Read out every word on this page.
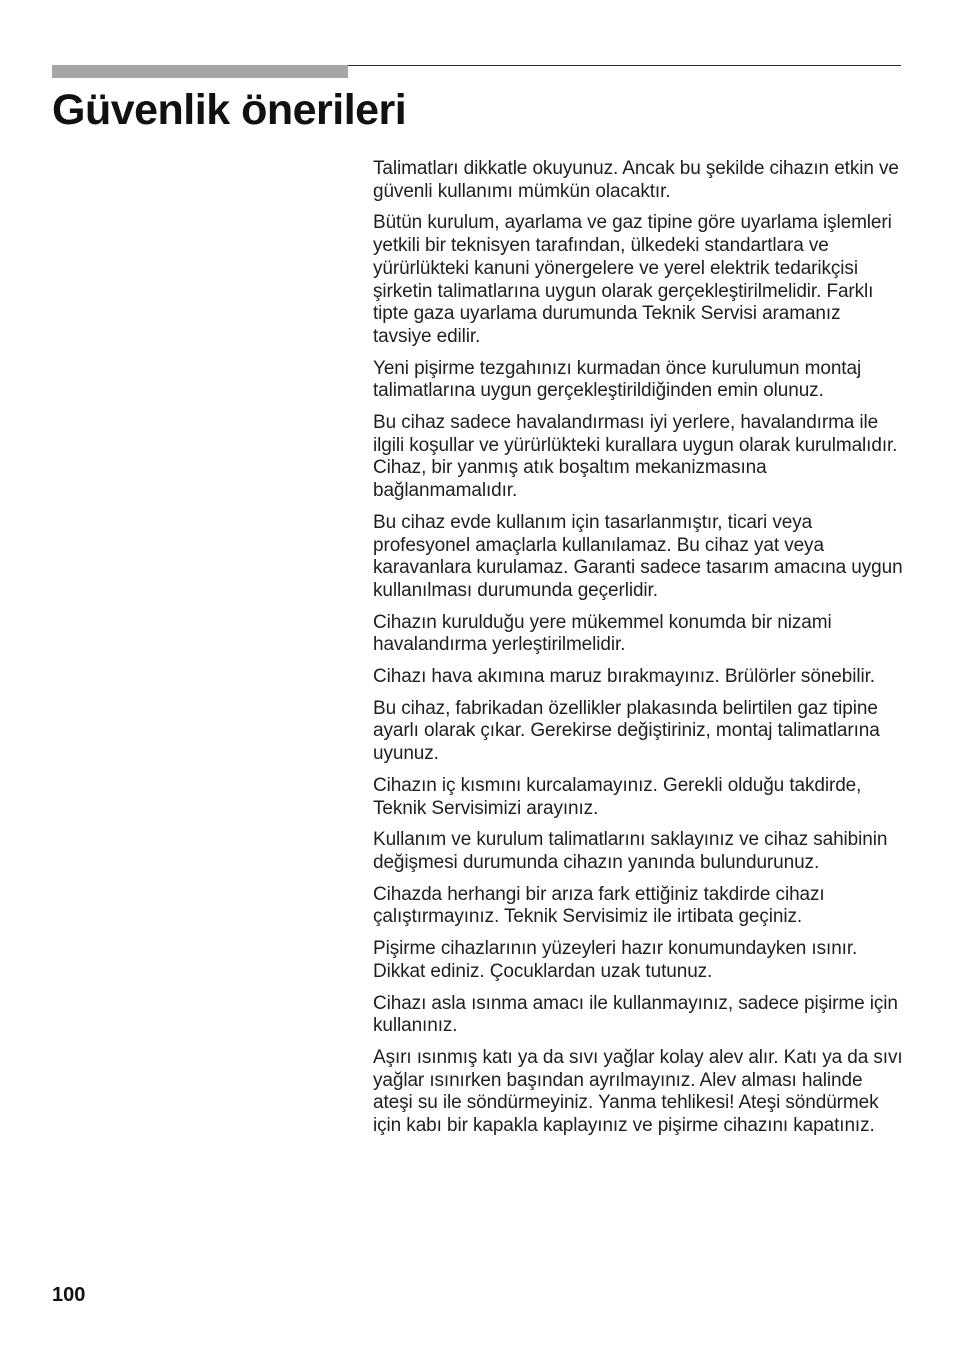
Güvenlik önerileri

Talimatları dikkatle okuyunuz. Ancak bu şekilde cihazın etkin ve güvenli kullanımı mümkün olacaktır.

Bütün kurulum, ayarlama ve gaz tipine göre uyarlama işlemleri yetkili bir teknisyen tarafından, ülkedeki standartlara ve yürürlükteki kanuni yönergelere ve yerel elektrik tedarikçisi şirketin talimatlarına uygun olarak gerçekleştirilmelidir. Farklı tipte gaza uyarlama durumunda Teknik Servisi aramanız tavsiye edilir.

Yeni pişirme tezgahınızı kurmadan önce kurulumun montaj talimatlarına uygun gerçekleştirildiğinden emin olunuz.

Bu cihaz sadece havalandırması iyi yerlere, havalandırma ile ilgili koşullar ve yürürlükteki kurallara uygun olarak kurulmalıdır. Cihaz, bir yanmış atık boşaltım mekanizmasına bağlanmamalıdır.

Bu cihaz evde kullanım için tasarlanmıştır, ticari veya profesyonel amaçlarla kullanılamaz. Bu cihaz yat veya karavanlara kurulamaz. Garanti sadece tasarım amacına uygun kullanılması durumunda geçerlidir.

Cihazın kurulduğu yere mükemmel konumda bir nizami havalandırma yerleştirilmelidir.

Cihazı hava akımına maruz bırakmayınız. Brülörler sönebilir.

Bu cihaz, fabrikadan özellikler plakasında belirtilen gaz tipine ayarlı olarak çıkar. Gerekirse değiştiriniz, montaj talimatlarına uyunuz.

Cihazın iç kısmını kurcalamayınız. Gerekli olduğu takdirde, Teknik Servisimizi arayınız.

Kullanım ve kurulum talimatlarını saklayınız ve cihaz sahibinin değişmesi durumunda cihazın yanında bulundurunuz.

Cihazda herhangi bir arıza fark ettiğiniz takdirde cihazı çalıştırmayınız. Teknik Servisimiz ile irtibata geçiniz.

Pişirme cihazlarının yüzeyleri hazır konumundayken ısınır. Dikkat ediniz. Çocuklardan uzak tutunuz.

Cihazı asla ısınma amacı ile kullanmayınız, sadece pişirme için kullanınız.

Aşırı ısınmış katı ya da sıvı yağlar kolay alev alır. Katı ya da sıvı yağlar ısınırken başından ayrılmayınız. Alev alması halinde ateşi su ile söndürmeyiniz. Yanma tehlikesi! Ateşi söndürmek için kabı bir kapakla kaplayınız ve pişirme cihazını kapatınız.

100
